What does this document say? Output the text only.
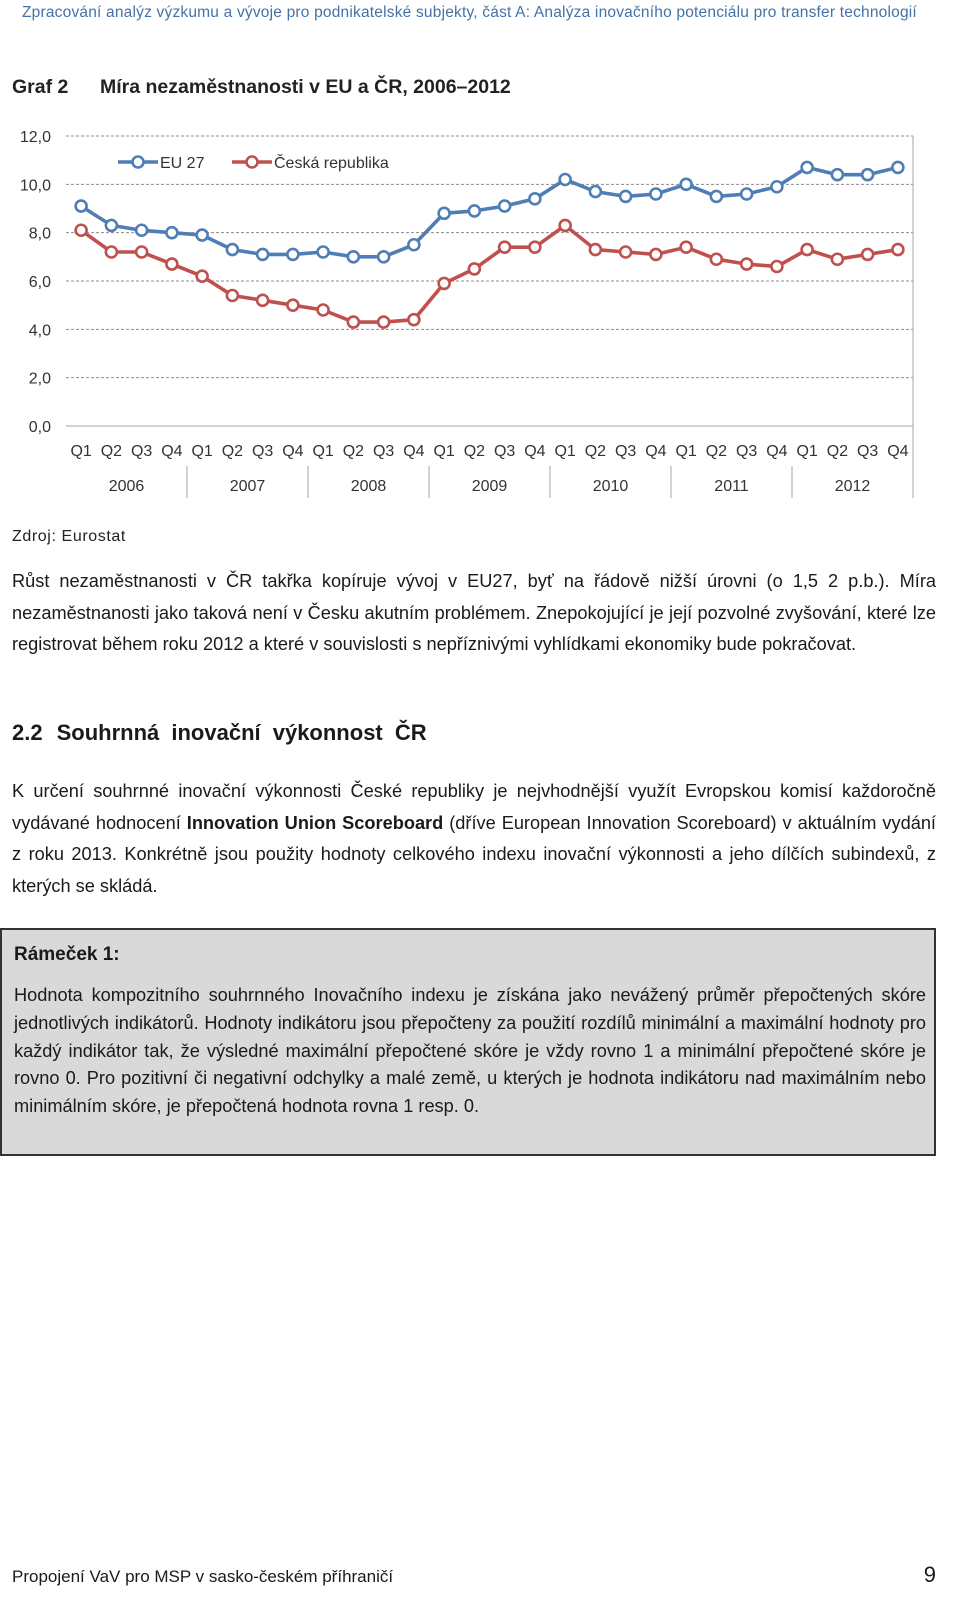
Zpracování analýz výzkumu a vývoje pro podnikatelské subjekty, část A: Analýza inovačního potenciálu pro transfer technologií
Graf 2 Míra nezaměstnanosti v EU a ČR, 2006–2012
0,0
2,0
4,0
6,0
8,0
10,0
12,0
Q1 Q2 Q3 Q4 Q1 Q2 Q3 Q4 Q1 Q2 Q3 Q4 Q1 Q2 Q3 Q4 Q1 Q2 Q3 Q4 Q1 Q2 Q3 Q4 Q1 Q2 Q3 Q4
2006	2007	2008	2009	2010	2011	2012
EU 27	Česká republika
Zdroj: Eurostat
Růst nezaměstnanosti v ČR takřka kopíruje vývoj v EU27, byť na řádově nižší úrovni (o 1,5 2 p.b.). Míra nezaměstnanosti jako taková není v Česku akutním problémem. Znepokojující je její pozvolné zvyšování, které lze registrovat během roku 2012 a které v souvislosti s nepříznivými vyhlídkami ekonomiky bude pokračovat.
2.2 Souhrnná inovační výkonnost ČR
K určení souhrnné inovační výkonnosti České republiky je nejvhodnější využít Evropskou komisí každoročně vydávané hodnocení Innovation Union Scoreboard (dříve European Innovation Scoreboard) v aktuálním vydání z roku 2013. Konkrétně jsou použity hodnoty celkového indexu inovační výkonnosti a jeho dílčích subindexů, z kterých se skládá.
Rámeček 1:
Hodnota kompozitního souhrnného Inovačního indexu je získána jako nevážený průměr přepočtených skóre jednotlivých indikátorů. Hodnoty indikátoru jsou přepočteny za použití rozdílů minimální a maximální hodnoty pro každý indikátor tak, že výsledné maximální přepočtené skóre je vždy rovno 1 a minimální přepočtené skóre je rovno 0. Pro pozitivní či negativní odchylky a malé země, u kterých je hodnota indikátoru nad maximálním nebo minimálním skóre, je přepočtená hodnota rovna 1 resp. 0.
Propojení VaV pro MSP v sasko-českém příhraničí	9
